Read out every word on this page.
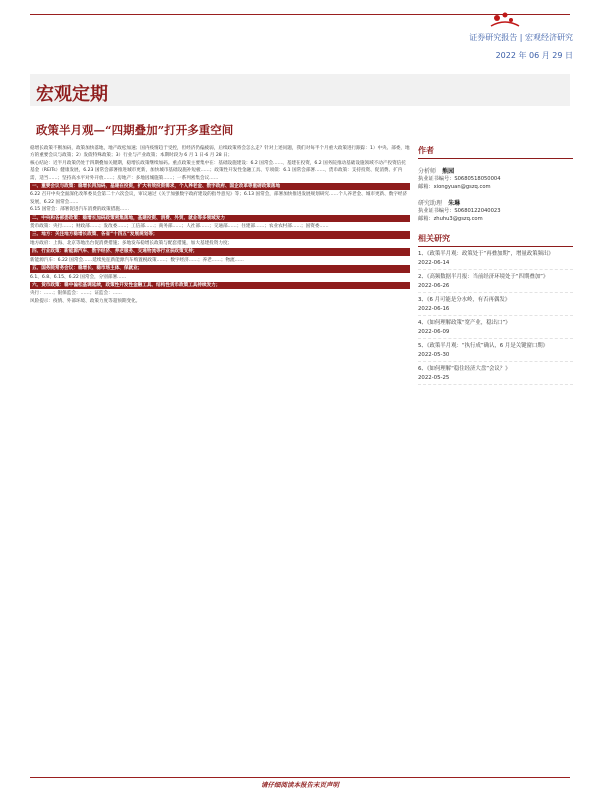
证券研究报告 | 宏观经济研究
2022 年 06 月 29 日
宏观定期
政策半月观—“四期叠加”打开多重空间
稳增长政策不断加码，政策加快落地，地产政松加速；国内疫情趋于受控，但经济仍偏疲弱，后续政策将会怎么走？针对上述问题，我们对每半个月重大政策进行跟踪：1）中央、部委，地方的重要会议与政策；2）发债特殊政策；3）行业与产业政策；本期时段为 6 月 1 日-6 月 28 日；
核心结论：近半月政策仍处于四期叠加关键期，稳增长政策继续加码。重点政策主要集中在：基础设施建设：6.2 国常会……、基建在投资，6.2 国务院推动基础设施领域不动产投资信托基金（REITs）健康发展，6.23 国常会部署推进城市更新，加快城市基础设施补短板……；政策性开发性金融工具、专项债：6.1 国常会部署……、货币政策：支持投资、促消费、扩内需，适当……；坚持高水平对外开放……；房地产：多地因城施策……；一系列密集会议……
一、重要会议与政策：稳增长再加码，基建在投资，扩大有效投资需求，个人养老金、数字政府、国企改革等重磅政策落地
6.22 召开中央全面深化改革委员会第二十六次会议，审议通过《关于加强数字政府建设的指导意见》等；6.13 国常会，部署加快推进发展规划研究……个人养老金、城市更新、数字经济发展，6.22 国常会……
6.15 国常会：部署促进汽车消费的政策措施……
二、中央和各部委政策：稳增长加码政策密集落地，基建投资、消费、外贸、就业等多领域发力
货币政策：央行……；财政部……；发改委……；工信部……；商务部……；人社部……；交通部……；住建部……；农业农村部……；国资委……
三、地方：关注地方稳增长政策、各省“十四五”发展规划等；
地方政府：上海、北京等地出台促消费措施；多地发布稳增长政策与配套措施，加大基建投资力度；
四、行业政策：新能源汽车、数字经济、养老服务、交通物流等行业获政策支持；
新能源汽车：6.22 国常会……延续免征新能源汽车购置税政策……；数字经济……；养老……；物流……
五、国务院常务会议：稳增长、稳市场主体、保就业；
6.1、6.8、6.15、6.22 国常会，分别部署……
六、货币政策：稳中偏松基调延续，政策性开发性金融工具、结构性货币政策工具持续发力；
央行：……；银保监会：……；证监会：……
风险提示：疫情、外部环境、政策力度等超预期变化。
作者
分析师 熊园
执业证书编号：S0680518050004
邮箱：xiongyuan@gszq.com
研究助理 朱琳
执业证书编号：S0680122040023
邮箱：zhuhu3@gszq.com
相关研究
1、《政策半月观：政策处于“再叠加期”，增量政策频出》
2022-06-14
2、《高频数据半月报：当前经济环境处于“四期叠加”》
2022-06-26
3、《6 月可能是分水岭，有否再偶发》
2022-06-16
4、《如何理解政策“宽产业，稳出口”》
2022-06-09
5、《政策半月观：“执行成”确认，6 月是关键窗口期》
2022-05-30
6、《如何理解“稳住经济大盘”会议？》
2022-05-25
请仔细阅读本报告末页声明
